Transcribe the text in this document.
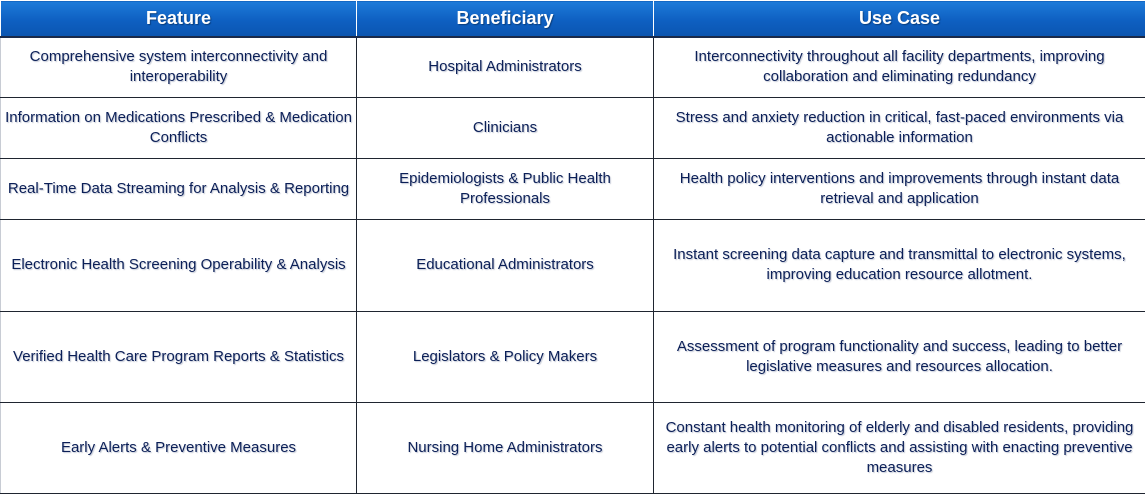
Feature	Beneficiary	Use Case
Comprehensive system interconnectivity and interoperability	Hospital Administrators	Interconnectivity throughout all facility departments, improving collaboration and eliminating redundancy
Information on Medications Prescribed & Medication Conflicts	Clinicians	Stress and anxiety reduction in critical, fast-paced environments via actionable information
Real-Time Data Streaming for Analysis & Reporting	Epidemiologists & Public Health Professionals	Health policy interventions and improvements through instant data retrieval and application
Electronic Health Screening Operability & Analysis	Educational Administrators	Instant screening data capture and transmittal to electronic systems, improving education resource allotment.
Verified Health Care Program Reports & Statistics	Legislators & Policy Makers	Assessment of program functionality and success, leading to better legislative measures and resources allocation.
Early Alerts & Preventive Measures	Nursing Home Administrators	Constant health monitoring of elderly and disabled residents, providing early alerts to potential conflicts and assisting with enacting preventive measures
